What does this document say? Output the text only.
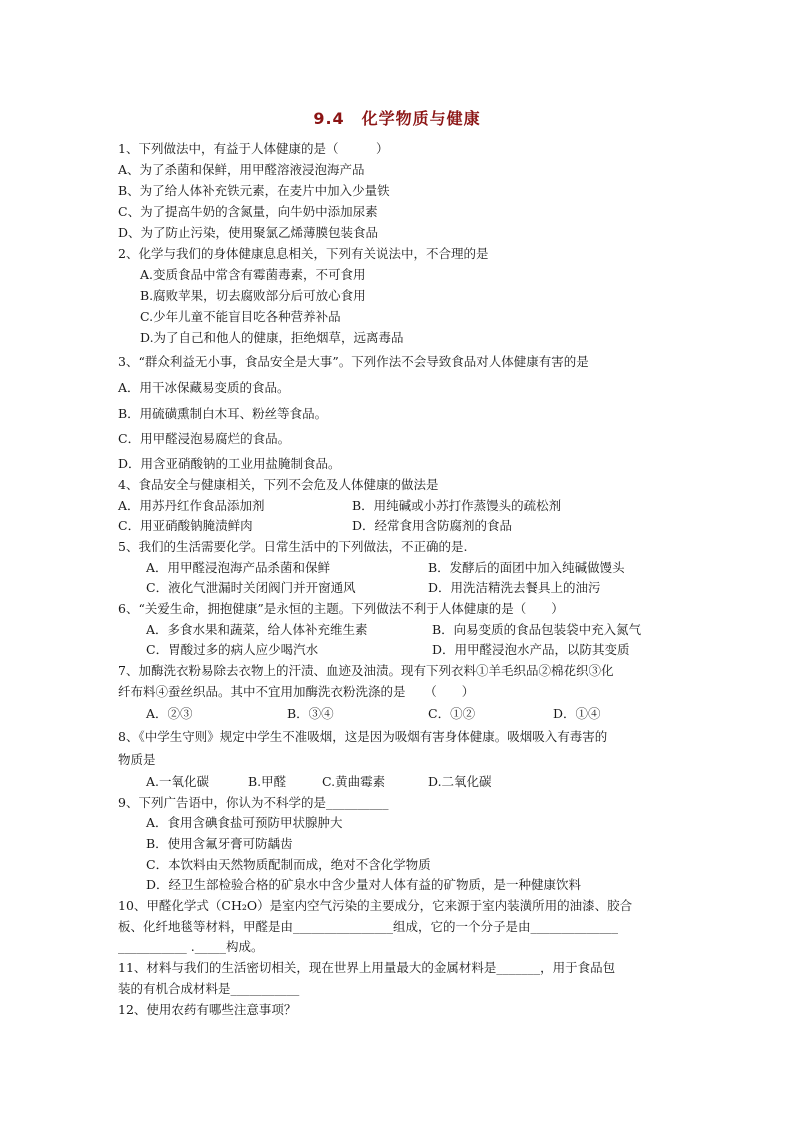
9.4　化学物质与健康
1、下列做法中，有益于人体健康的是（　　　）
A、为了杀菌和保鲜，用甲醛溶液浸泡海产品
B、为了给人体补充铁元素，在麦片中加入少量铁
C、为了提高牛奶的含氮量，向牛奶中添加尿素
D、为了防止污染，使用聚氯乙烯薄膜包装食品
2、化学与我们的身体健康息息相关，下列有关说法中，不合理的是
A.变质食品中常含有霉菌毒素，不可食用
B.腐败苹果，切去腐败部分后可放心食用
C.少年儿童不能盲目吃各种营养补品
D.为了自己和他人的健康，拒绝烟草，远离毒品
3、“群众利益无小事，食品安全是大事”。下列作法不会导致食品对人体健康有害的是
A．用干冰保藏易变质的食品。
B．用硫磺熏制白木耳、粉丝等食品。
C．用甲醛浸泡易腐烂的食品。
D．用含亚硝酸钠的工业用盐腌制食品。
4、食品安全与健康相关，下列不会危及人体健康的做法是
A．用苏丹红作食品添加剂	B．用纯碱或小苏打作蒸馒头的疏松剂
C．用亚硝酸钠腌渍鲜肉	D．经常食用含防腐剂的食品
5、我们的生活需要化学。日常生活中的下列做法，不正确的是.
A．用甲醛浸泡海产品杀菌和保鲜	B．发酵后的面团中加入纯碱做馒头
C．液化气泄漏时关闭阀门并开窗通风	D．用洗洁精洗去餐具上的油污
6、“关爱生命，拥抱健康”是永恒的主题。下列做法不利于人体健康的是（　　）
A．多食水果和蔬菜，给人体补充维生素	B．向易变质的食品包装袋中充入氮气
C．胃酸过多的病人应少喝汽水	D．用甲醛浸泡水产品，以防其变质
7、加酶洗衣粉易除去衣物上的汗渍、血迹及油渍。现有下列衣料①羊毛织品②棉花织③化
纤布料④蚕丝织品。其中不宜用加酶洗衣粉洗涤的是　　（　　）
A．②③	B．③④	C．①②	D．①④
8、《中学生守则》规定中学生不准吸烟，这是因为吸烟有害身体健康。吸烟吸入有毒害的
物质是
A.一氧化碳	B.甲醛	C.黄曲霉素	D.二氧化碳
9、下列广告语中，你认为不科学的是__________
A．食用含碘食盐可预防甲状腺肿大
B．使用含氟牙膏可防龋齿
C．本饮料由天然物质配制而成，绝对不含化学物质
D．经卫生部检验合格的矿泉水中含少量对人体有益的矿物质，是一种健康饮料
10、甲醛化学式（CH₂O）是室内空气污染的主要成分，它来源于室内装潢所用的油漆、胶合
板、化纤地毯等材料，甲醛是由________________组成，它的一个分子是由______________
___________ ._____构成。
11、材料与我们的生活密切相关，现在世界上用量最大的金属材料是_______，用于食品包
装的有机合成材料是___________
12、使用农药有哪些注意事项？
